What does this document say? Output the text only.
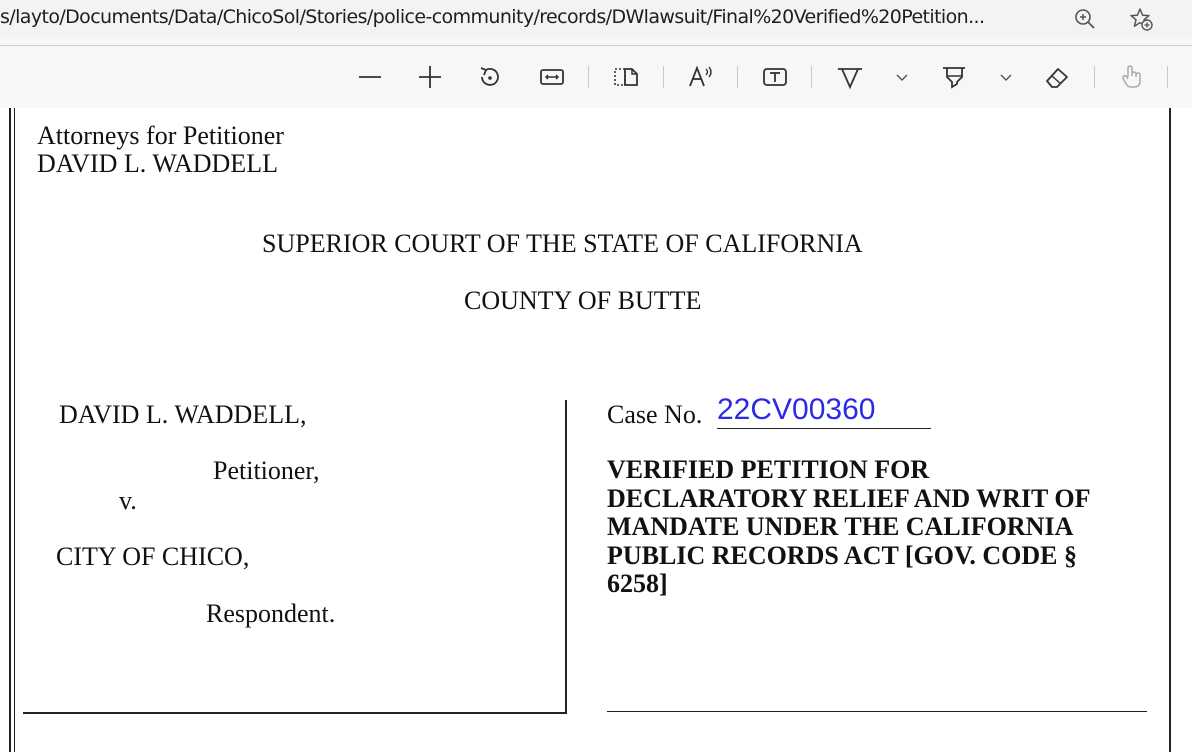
s/layto/Documents/Data/ChicoSol/Stories/police-community/records/DWlawsuit/Final%20Verified%20Petition...
Attorneys for Petitioner
DAVID L. WADDELL
SUPERIOR COURT OF THE STATE OF CALIFORNIA
COUNTY OF BUTTE
DAVID L. WADDELL,
Petitioner,
v.
CITY OF CHICO,
Respondent.
Case No. 22CV00360
VERIFIED PETITION FOR
DECLARATORY RELIEF AND WRIT OF
MANDATE UNDER THE CALIFORNIA
PUBLIC RECORDS ACT [GOV. CODE §
6258]
